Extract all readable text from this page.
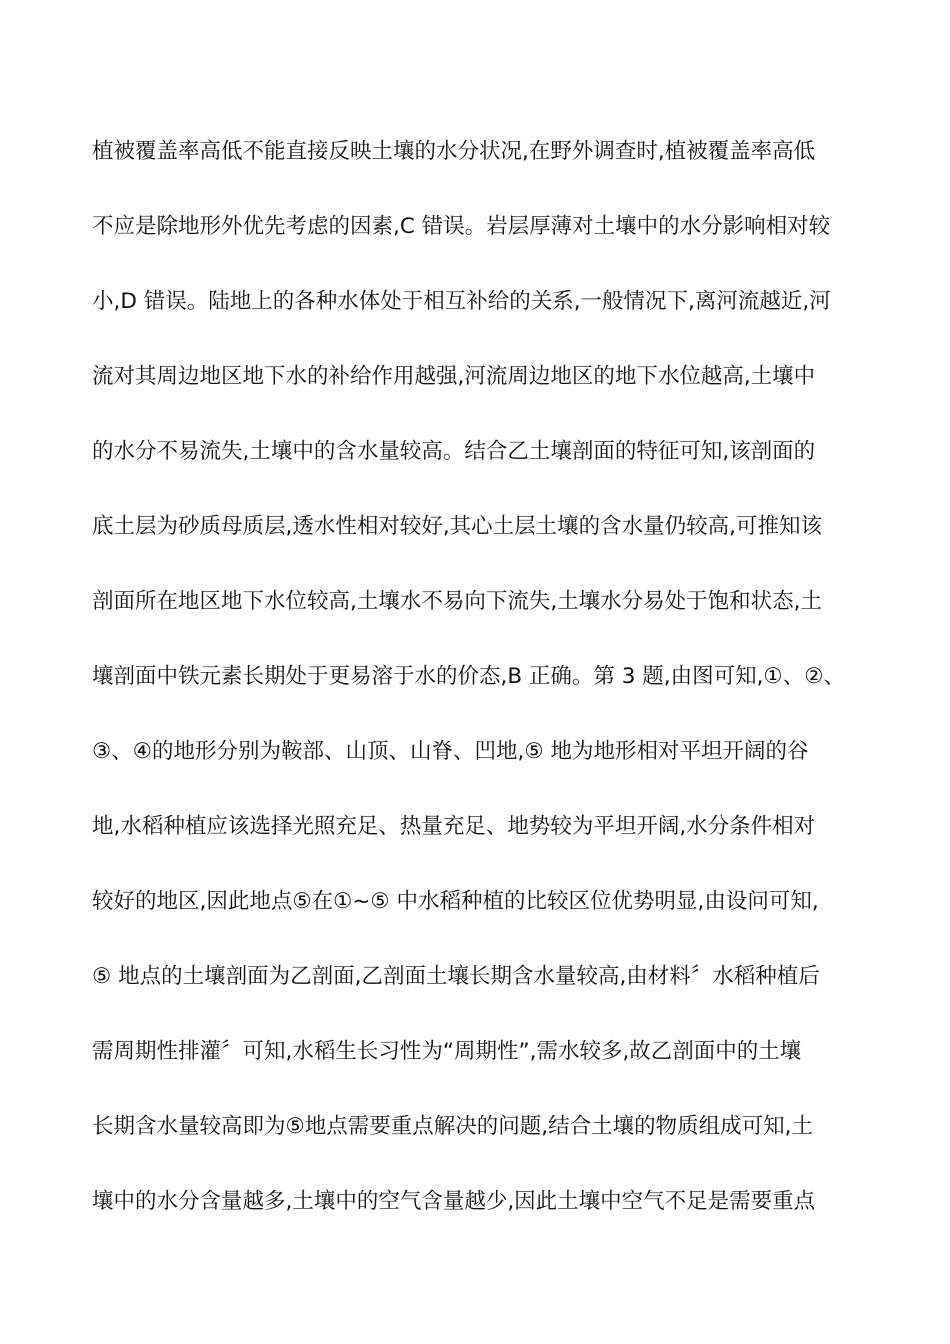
植被覆盖率高低不能直接反映土壤的水分状况,在野外调查时,植被覆盖率高低
不应是除地形外优先考虑的因素,C 错误。岩层厚薄对土壤中的水分影响相对较
小,D 错误。陆地上的各种水体处于相互补给的关系,一般情况下,离河流越近,河
流对其周边地区地下水的补给作用越强,河流周边地区的地下水位越高,土壤中
的水分不易流失,土壤中的含水量较高。结合乙土壤剖面的特征可知,该剖面的
底土层为砂质母质层,透水性相对较好,其心土层土壤的含水量仍较高,可推知该
剖面所在地区地下水位较高,土壤水不易向下流失,土壤水分易处于饱和状态,土
壤剖面中铁元素长期处于更易溶于水的价态,B 正确。第 3 题,由图可知,①、②、
③、④的地形分别为鞍部、山顶、山脊、凹地,⑤ 地为地形相对平坦开阔的谷
地,水稻种植应该选择光照充足、热量充足、地势较为平坦开阔,水分条件相对
较好的地区,因此地点⑤在①~⑤ 中水稻种植的比较区位优势明显,由设问可知,
⑤ 地点的土壤剖面为乙剖面,乙剖面土壤长期含水量较高,由材料〞水稻种植后
需周期性排灌〞可知,水稻生长习性为“周期性”,需水较多,故乙剖面中的土壤
长期含水量较高即为⑤地点需要重点解决的问题,结合土壤的物质组成可知,土
壤中的水分含量越多,土壤中的空气含量越少,因此土壤中空气不足是需要重点
